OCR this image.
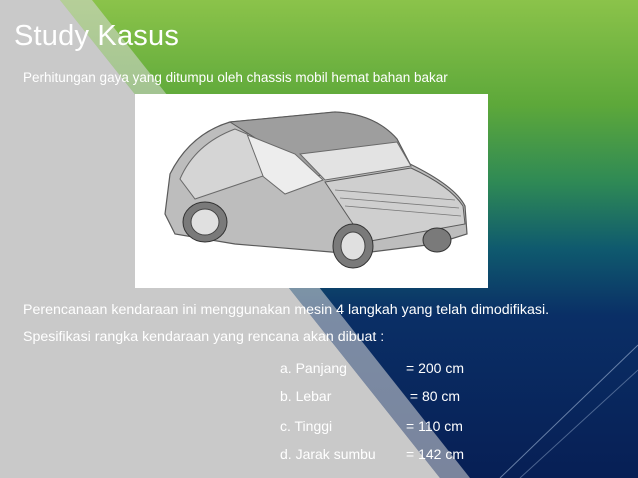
Study Kasus
Perhitungan gaya yang ditumpu oleh chassis mobil hemat bahan bakar
Perencanaan kendaraan ini menggunakan mesin 4 langkah yang telah dimodifikasi.
Spesifikasi rangka kendaraan yang rencana akan dibuat :
a. Panjang	= 200 cm
b. Lebar	= 80 cm
c. Tinggi	= 110 cm
d. Jarak sumbu = 142 cm
